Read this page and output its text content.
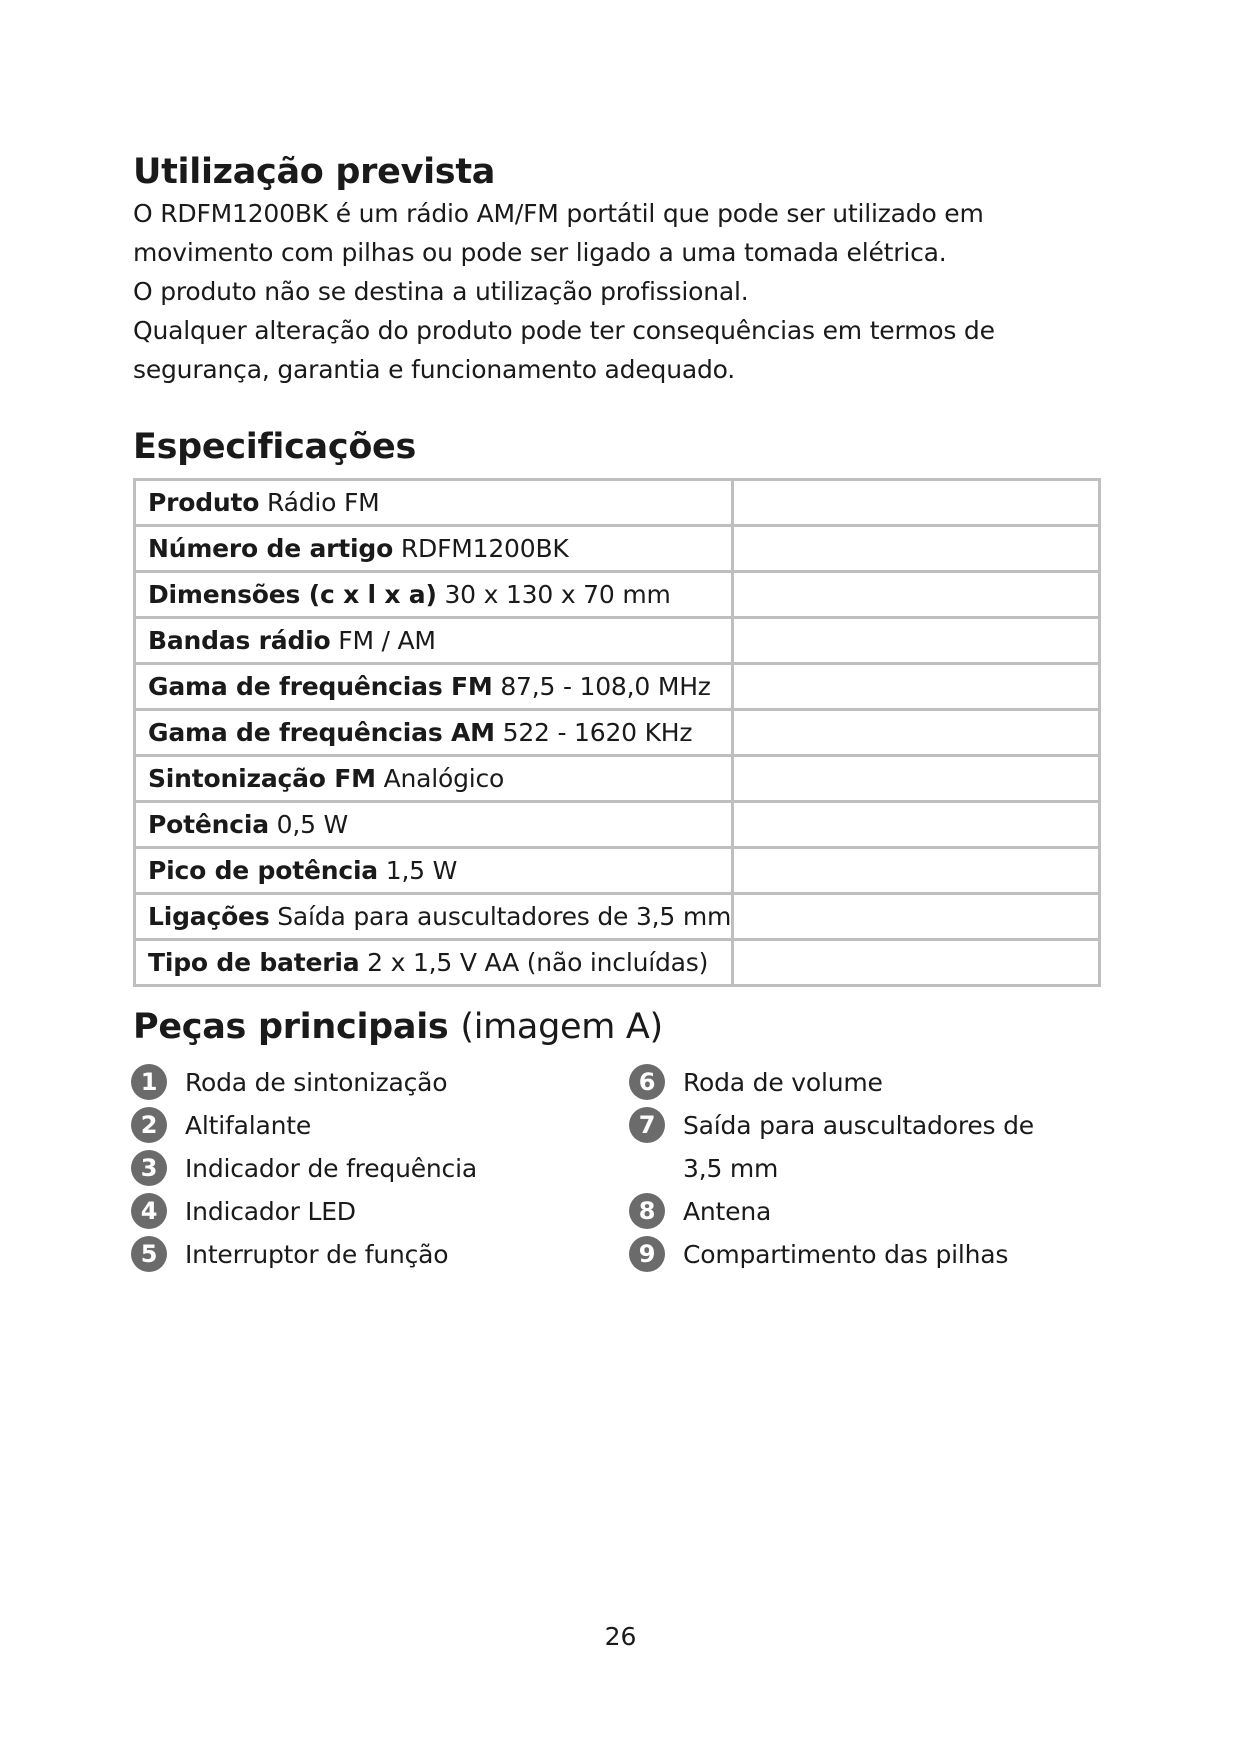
Utilização prevista

O RDFM1200BK é um rádio AM/FM portátil que pode ser utilizado em

movimento com pilhas ou pode ser ligado a uma tomada elétrica.

O produto não se destina a utilização profissional.

Qualquer alteração do produto pode ter consequências em termos de

segurança, garantia e funcionamento adequado.

Especificações
Produto Rádio FM	
Número de artigo RDFM1200BK	
Dimensões (c x l x a) 30 x 130 x 70 mm	
Bandas rádio FM / AM	
Gama de frequências FM 87,5 - 108,0 MHz	
Gama de frequências AM 522 - 1620 KHz	
Sintonização FM Analógico	
Potência 0,5 W	
Pico de potência 1,5 W	
Ligações Saída para auscultadores de 3,5 mm	
Tipo de bateria 2 x 1,5 V AA (não incluídas)	
Peças principais (imagem A)
1	Roda de sintonização
2	Altifalante
3	Indicador de frequência
4	Indicador LED
5	Interruptor de função
6	Roda de volume
7	Saída para auscultadores de
3,5 mm
8	Antena
9	Compartimento das pilhas
26
